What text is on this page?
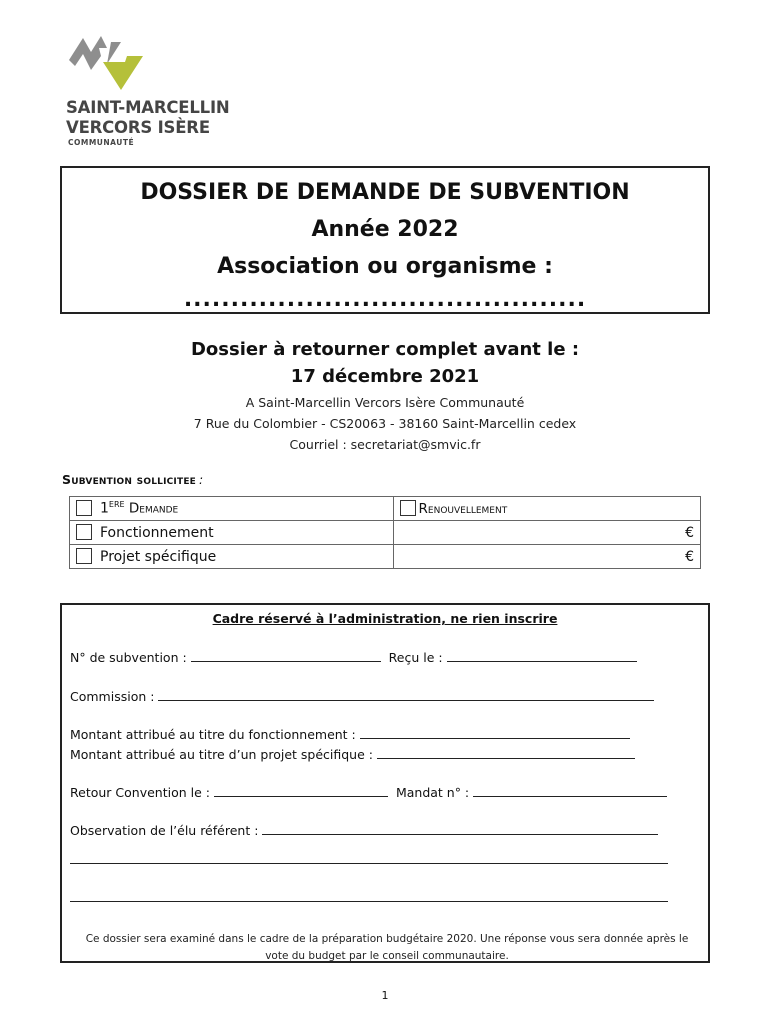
SAINT-MARCELLIN
VERCORS ISÈRE
COMMUNAUTÉ
DOSSIER DE DEMANDE DE SUBVENTION
Année 2022
Association ou organisme :
...........................................
Dossier à retourner complet avant le :
17 décembre 2021
A Saint-Marcellin Vercors Isère Communauté
7 Rue du Colombier - CS20063 - 38160 Saint-Marcellin cedex
Courriel : secretariat@smvic.fr
Subvention sollicitee :
1ERE Demande	Renouvellement
Fonctionnement	€

Projet spécifique	€
Cadre réservé à l’administration, ne rien inscrire
N° de subvention :	Reçu le :
Commission :
Montant attribué au titre du fonctionnement :
Montant attribué au titre d’un projet spécifique :
Retour Convention le :	Mandat n° :
Observation de l’élu référent :
Ce dossier sera examiné dans le cadre de la préparation budgétaire 2020. Une réponse vous sera donnée après le vote du budget par le conseil communautaire.
1
